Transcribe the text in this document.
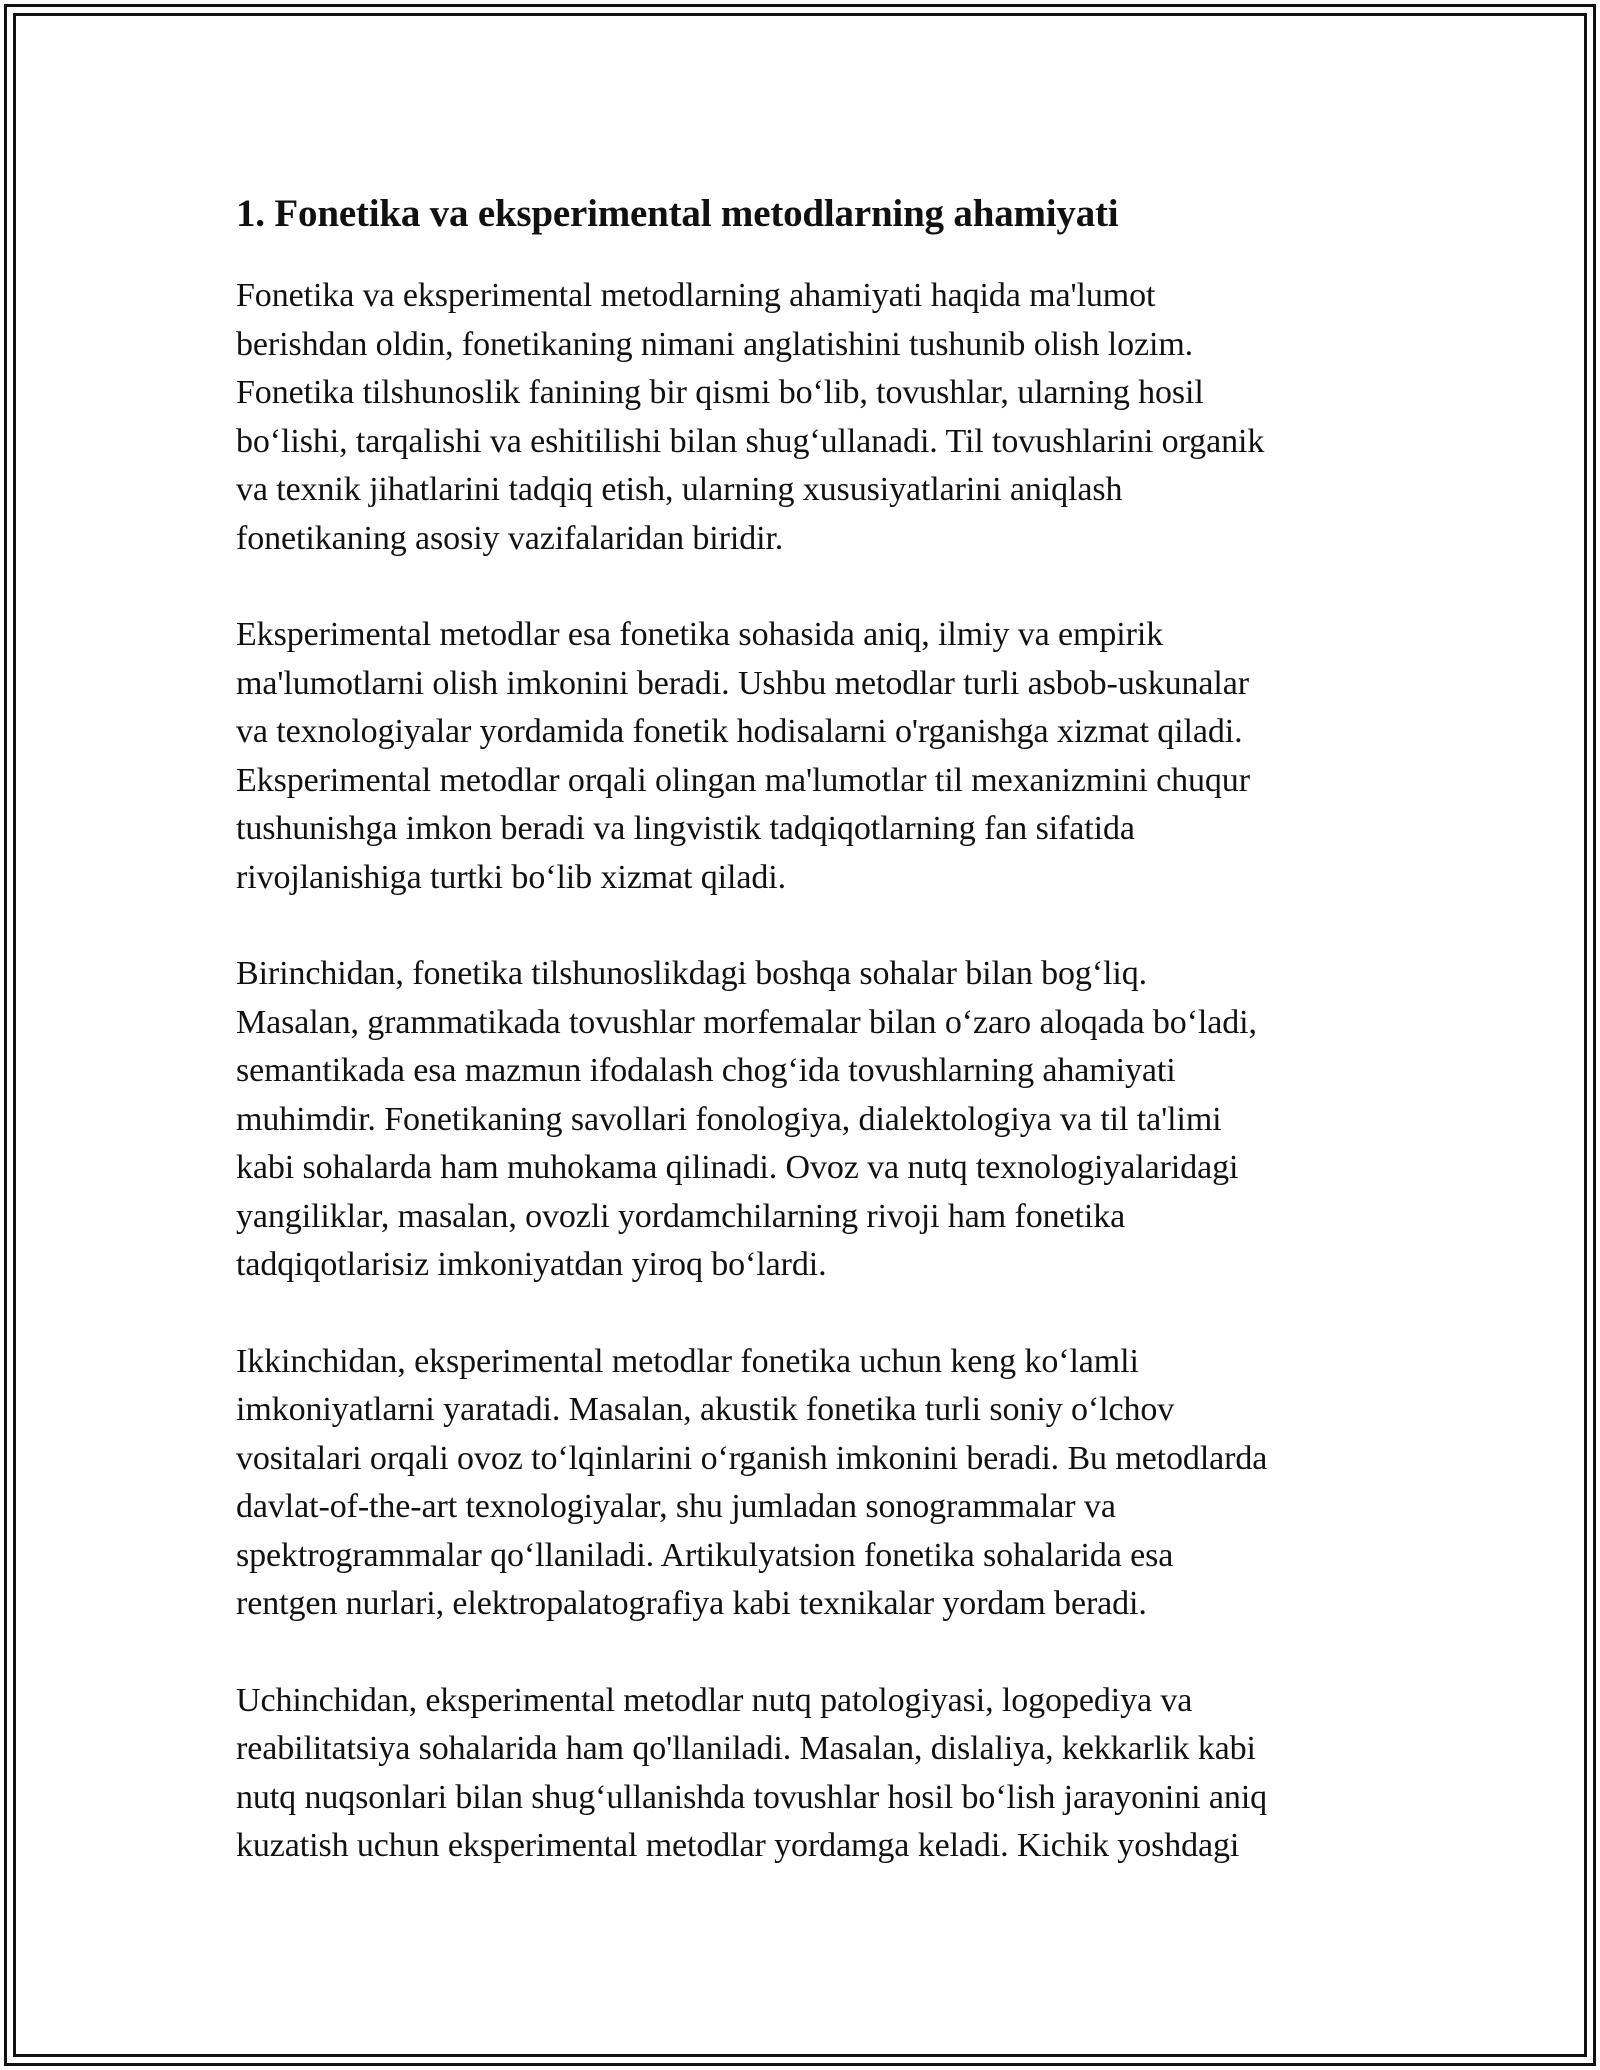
1. Fonetika va eksperimental metodlarning ahamiyati

Fonetika va eksperimental metodlarning ahamiyati haqida ma'lumot
berishdan oldin, fonetikaning nimani anglatishini tushunib olish lozim.
Fonetika tilshunoslik fanining bir qismi bo‘lib, tovushlar, ularning hosil
bo‘lishi, tarqalishi va eshitilishi bilan shug‘ullanadi. Til tovushlarini organik
va texnik jihatlarini tadqiq etish, ularning xususiyatlarini aniqlash
fonetikaning asosiy vazifalaridan biridir.

Eksperimental metodlar esa fonetika sohasida aniq, ilmiy va empirik
ma'lumotlarni olish imkonini beradi. Ushbu metodlar turli asbob-uskunalar
va texnologiyalar yordamida fonetik hodisalarni o'rganishga xizmat qiladi.
Eksperimental metodlar orqali olingan ma'lumotlar til mexanizmini chuqur
tushunishga imkon beradi va lingvistik tadqiqotlarning fan sifatida
rivojlanishiga turtki bo‘lib xizmat qiladi.

Birinchidan, fonetika tilshunoslikdagi boshqa sohalar bilan bog‘liq.
Masalan, grammatikada tovushlar morfemalar bilan o‘zaro aloqada bo‘ladi,
semantikada esa mazmun ifodalash chog‘ida tovushlarning ahamiyati
muhimdir. Fonetikaning savollari fonologiya, dialektologiya va til ta'limi
kabi sohalarda ham muhokama qilinadi. Ovoz va nutq texnologiyalaridagi
yangiliklar, masalan, ovozli yordamchilarning rivoji ham fonetika
tadqiqotlarisiz imkoniyatdan yiroq bo‘lardi.

Ikkinchidan, eksperimental metodlar fonetika uchun keng ko‘lamli
imkoniyatlarni yaratadi. Masalan, akustik fonetika turli soniy o‘lchov
vositalari orqali ovoz to‘lqinlarini o‘rganish imkonini beradi. Bu metodlarda
davlat-of-the-art texnologiyalar, shu jumladan sonogrammalar va
spektrogrammalar qo‘llaniladi. Artikulyatsion fonetika sohalarida esa
rentgen nurlari, elektropalatografiya kabi texnikalar yordam beradi.

Uchinchidan, eksperimental metodlar nutq patologiyasi, logopediya va
reabilitatsiya sohalarida ham qo'llaniladi. Masalan, dislaliya, kekkarlik kabi
nutq nuqsonlari bilan shug‘ullanishda tovushlar hosil bo‘lish jarayonini aniq
kuzatish uchun eksperimental metodlar yordamga keladi. Kichik yoshdagi
